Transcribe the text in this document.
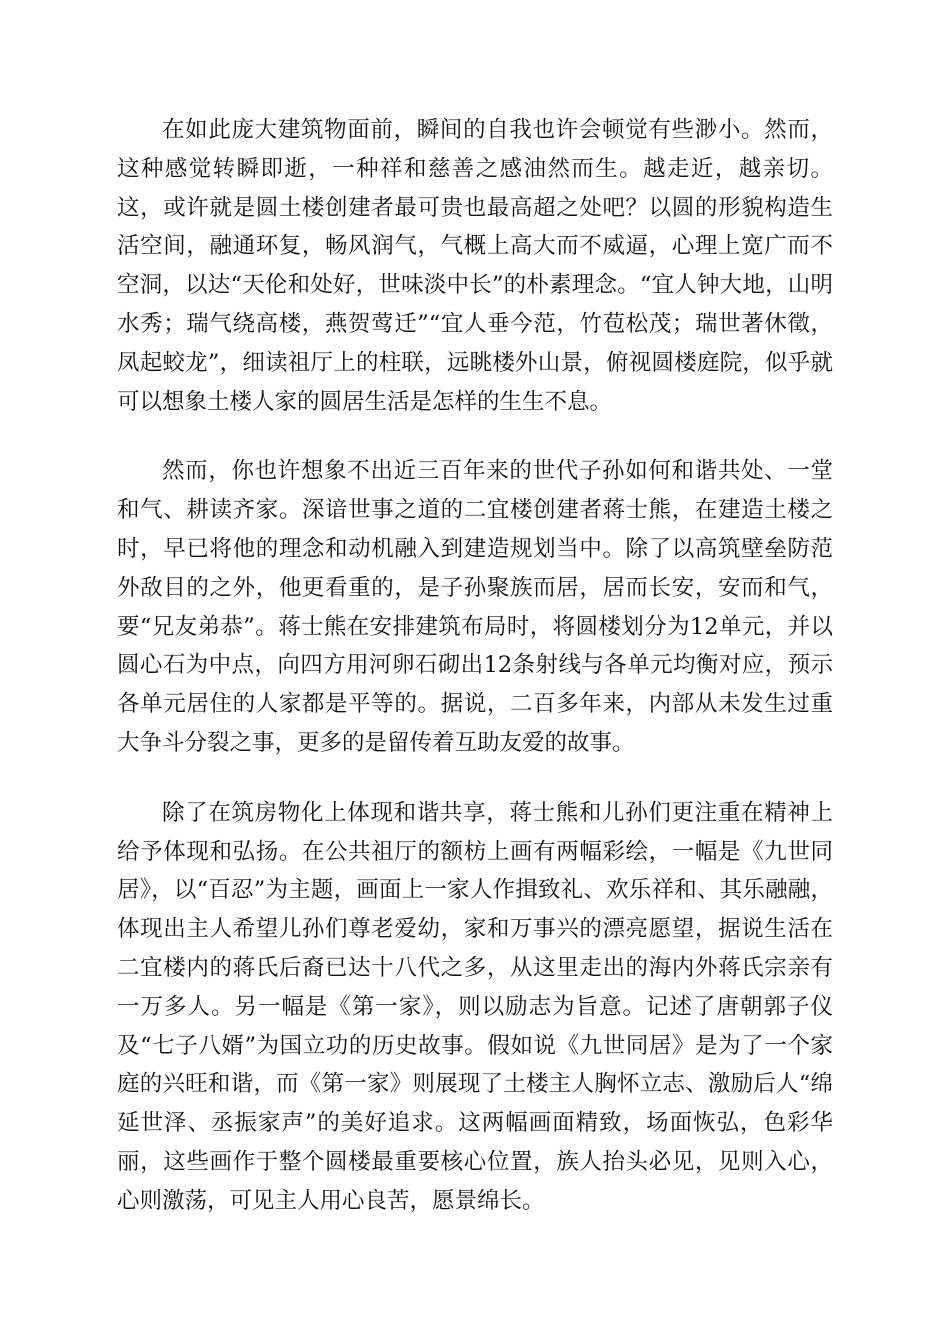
在如此庞大建筑物面前，瞬间的自我也许会顿觉有些渺小。然而，这种感觉转瞬即逝，一种祥和慈善之感油然而生。越走近，越亲切。这，或许就是圆土楼创建者最可贵也最高超之处吧？以圆的形貌构造生活空间，融通环复，畅风润气，气概上高大而不威逼，心理上宽广而不空洞，以达“天伦和处好，世味淡中长”的朴素理念。“宜人钟大地，山明水秀；瑞气绕高楼，燕贺莺迁”“宜人垂今范，竹苞松茂；瑞世著休徵，凤起蛟龙”，细读祖厅上的柱联，远眺楼外山景，俯视圆楼庭院，似乎就可以想象土楼人家的圆居生活是怎样的生生不息。

然而，你也许想象不出近三百年来的世代子孙如何和谐共处、一堂和气、耕读齐家。深谙世事之道的二宜楼创建者蒋士熊，在建造土楼之时，早已将他的理念和动机融入到建造规划当中。除了以高筑壁垒防范外敌目的之外，他更看重的，是子孙聚族而居，居而长安，安而和气，要“兄友弟恭”。蒋士熊在安排建筑布局时，将圆楼划分为12单元，并以圆心石为中点，向四方用河卵石砌出12条射线与各单元均衡对应，预示各单元居住的人家都是平等的。据说，二百多年来，内部从未发生过重大争斗分裂之事，更多的是留传着互助友爱的故事。

除了在筑房物化上体现和谐共享，蒋士熊和儿孙们更注重在精神上给予体现和弘扬。在公共祖厅的额枋上画有两幅彩绘，一幅是《九世同居》，以“百忍”为主题，画面上一家人作揖致礼、欢乐祥和、其乐融融，体现出主人希望儿孙们尊老爱幼，家和万事兴的漂亮愿望，据说生活在二宜楼内的蒋氏后裔已达十八代之多，从这里走出的海内外蒋氏宗亲有一万多人。另一幅是《第一家》，则以励志为旨意。记述了唐朝郭子仪及“七子八婿”为国立功的历史故事。假如说《九世同居》是为了一个家庭的兴旺和谐，而《第一家》则展现了土楼主人胸怀立志、激励后人“绵延世泽、丞振家声”的美好追求。这两幅画面精致，场面恢弘，色彩华丽，这些画作于整个圆楼最重要核心位置，族人抬头必见，见则入心，心则激荡，可见主人用心良苦，愿景绵长。
